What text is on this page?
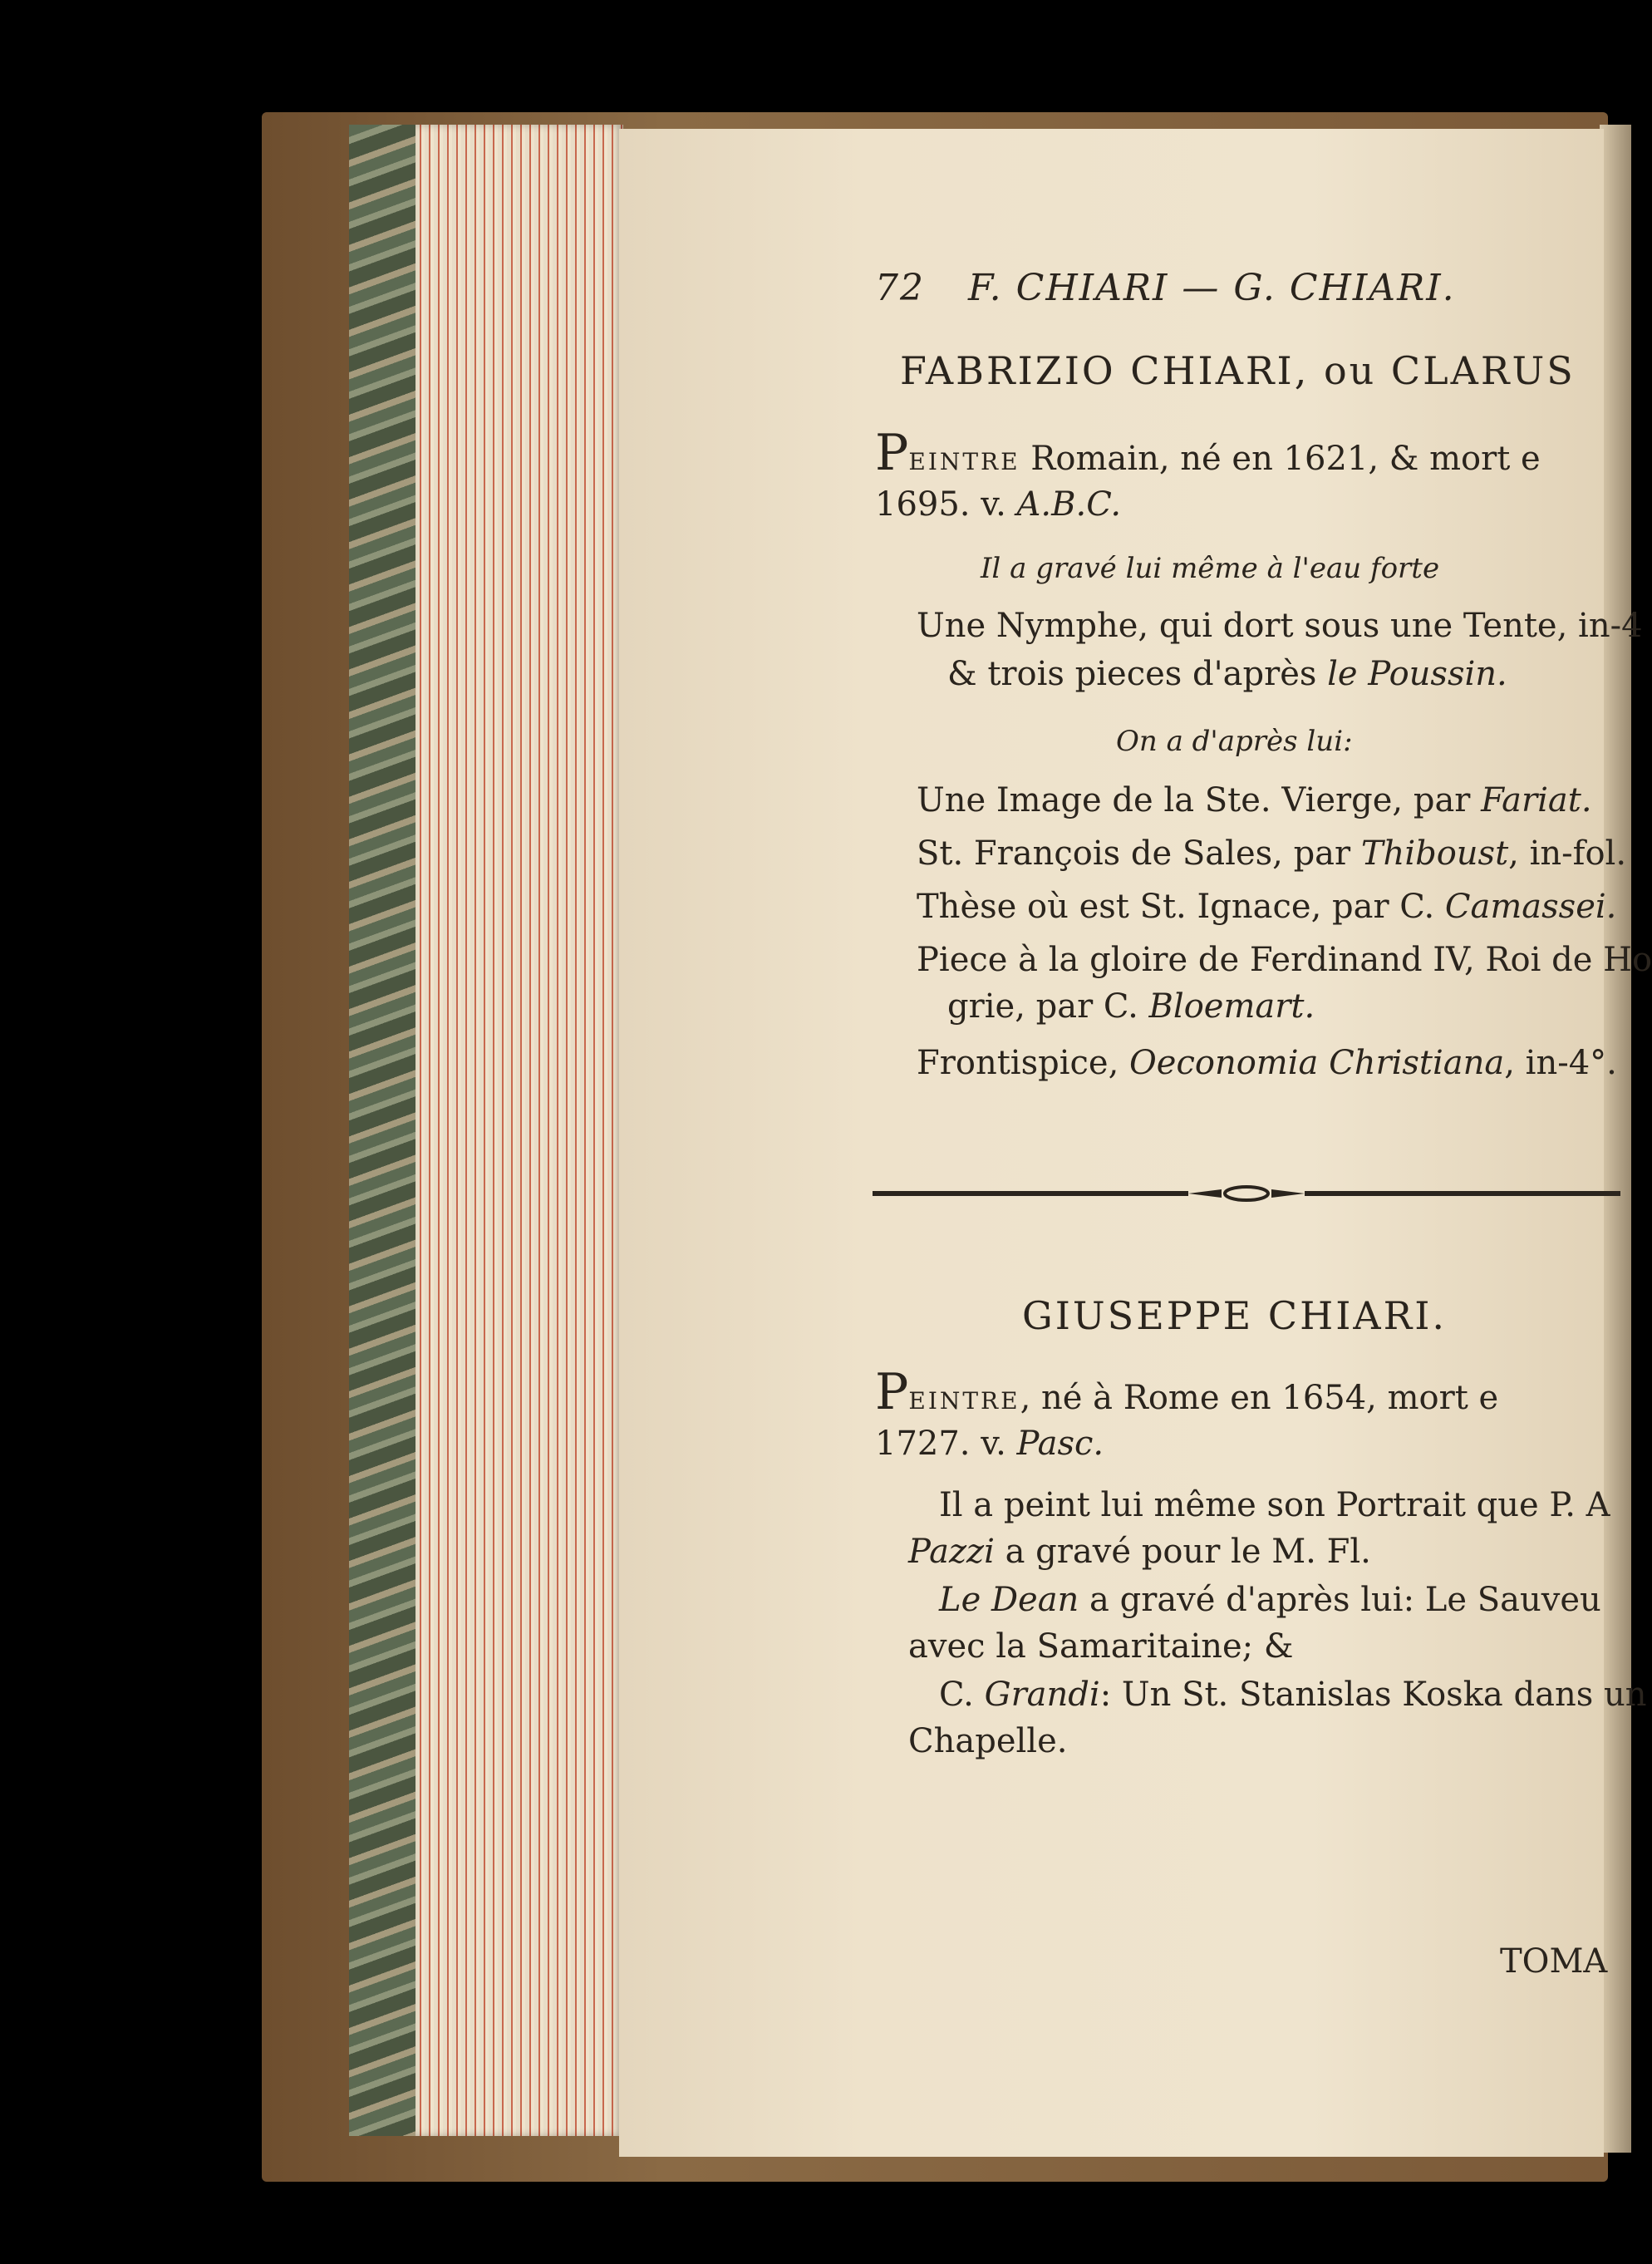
72 F. CHIARI — G. CHIARI.
FABRIZIO CHIARI, ou CLARUS
PEINTRE Romain, né en 1621, & mort e
1695. v. A.B.C.
Il a gravé lui même à l'eau forte
Une Nymphe, qui dort sous une Tente, in-4
& trois pieces d'après le Poussin.
On a d'après lui:
Une Image de la Ste. Vierge, par Fariat.
St. François de Sales, par Thiboust, in-fol.
Thèse où est St. Ignace, par C. Camassei.
Piece à la gloire de Ferdinand IV, Roi de Ho
grie, par C. Bloemart.
Frontispice, Oeconomia Christiana, in-4°.
GIUSEPPE CHIARI.
PEINTRE, né à Rome en 1654, mort e
1727. v. Pasc.
Il a peint lui même son Portrait que P. A
Pazzi a gravé pour le M. Fl.
Le Dean a gravé d'après lui: Le Sauveu
avec la Samaritaine; &
C. Grandi: Un St. Stanislas Koska dans un
Chapelle.
TOMA
